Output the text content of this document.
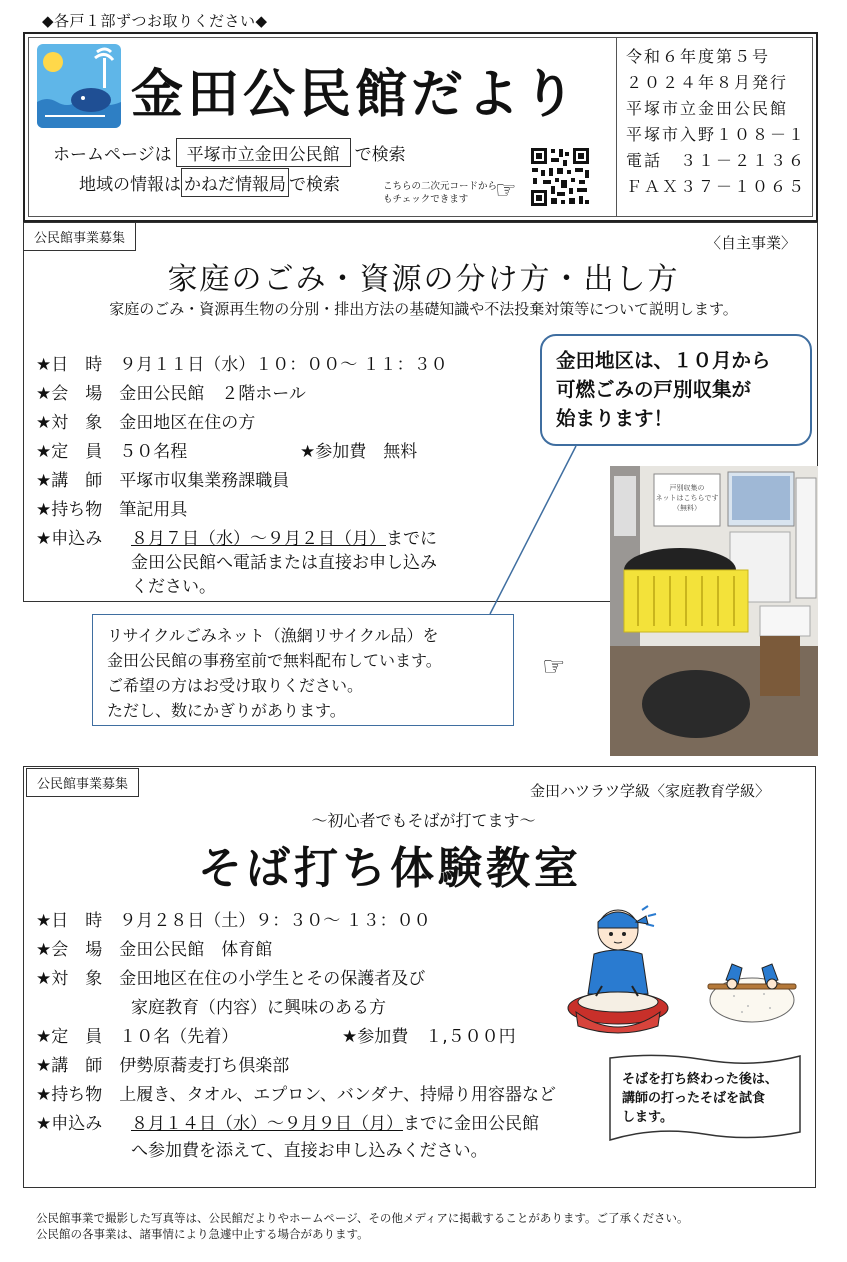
◆各戸１部ずつお取りください◆
金田公民館だより
ホームページは 平塚市立金田公民館 で検索
地域の情報は かねだ情報局 で検索	こちらの二次元コードからもチェックできます	☞
令和６年度第５号
２０２４年８月発行
平塚市立金田公民館
平塚市入野１０８－１
電話　３１－２１３６
ＦＡＸ３７－１０６５
公民館事業募集	〈自主事業〉
家庭のごみ・資源の分け方・出し方
家庭のごみ・資源再生物の分別・排出方法の基礎知識や不法投棄対策等について説明します。
★日　時　９月１１日（水）１０：００～ １１：３０
★会　場　金田公民館　２階ホール
★対　象　金田地区在住の方
★定　員　５０名程	★参加費　無料
★講　師　平塚市収集業務課職員
★持ち物　筆記用具
★申込み ８月７日（水）～９月２日（月）までに
金田公民館へ電話または直接お申し込み
ください。
金田地区は、１０月から
可燃ごみの戸別収集が
始まります！
戸別収集の
ネットはこちらです
（無料）
リサイクルごみネット（漁網リサイクル品）を
金田公民館の事務室前で無料配布しています。
ご希望の方はお受け取りください。
ただし、数にかぎりがあります。
☞
公民館事業募集	金田ハツラツ学級〈家庭教育学級〉
～初心者でもそばが打てます～
そば打ち体験教室
★日　時　９月２８日（土）９：３０～ １３：００
★会　場　金田公民館　体育館
★対　象　金田地区在住の小学生とその保護者及び
家庭教育（内容）に興味のある方
★定　員　１０名（先着）	★参加費　１,５００円
★講　師　伊勢原蕎麦打ち倶楽部
★持ち物　上履き、タオル、エプロン、バンダナ、持帰り用容器など
★申込み ８月１４日（水）～９月９日（月）までに金田公民館
へ参加費を添えて、直接お申し込みください。
そばを打ち終わった後は、
講師の打ったそばを試食
します。
公民館事業で撮影した写真等は、公民館だよりやホームページ、その他メディアに掲載することがあります。ご了承ください。
公民館の各事業は、諸事情により急遽中止する場合があります。
